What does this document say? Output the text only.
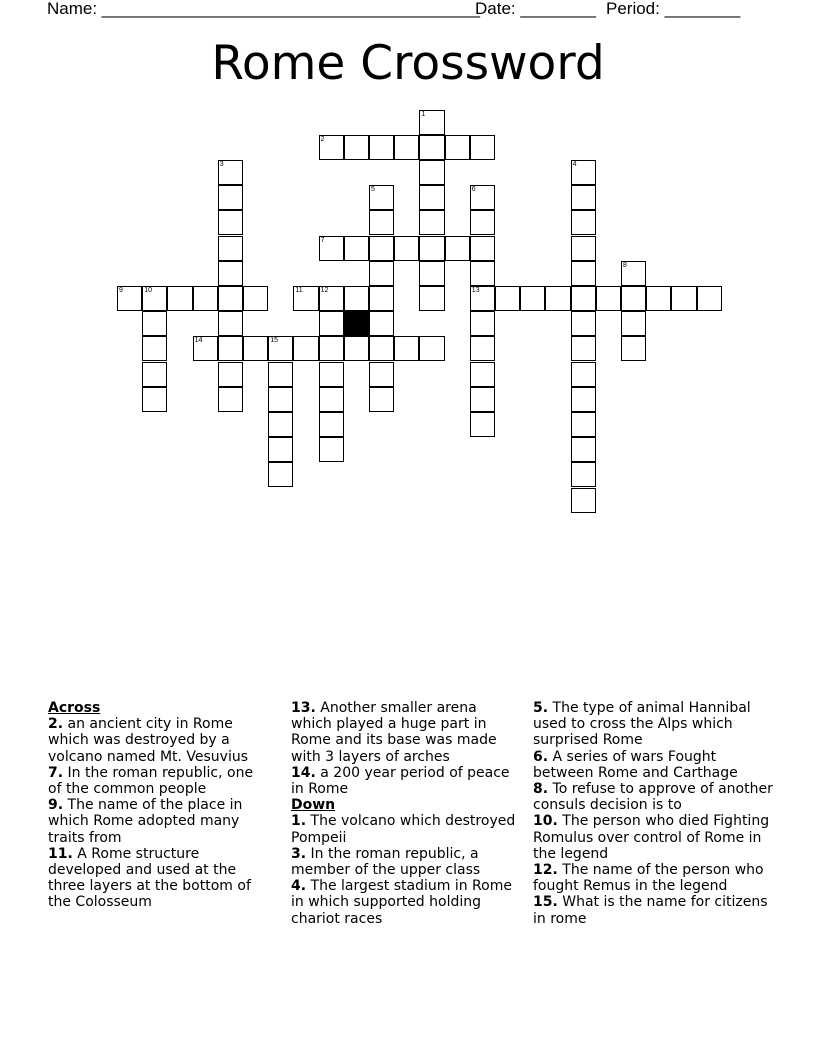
Name: ________________________________________
Date: ________ Period: ________
Rome Crossword
1
2
3	4
5	6
13
7
8
9	10	11	12
14	15

Across

2. an ancient city in Rome which was destroyed by a volcano named Mt. Vesuvius

7. In the roman republic, one of the common people

9. The name of the place in which Rome adopted many traits from

11. A Rome structure developed and used at the three layers at the bottom of the Colosseum

13. Another smaller arena which played a huge part in Rome and its base was made with 3 layers of arches

14. a 200 year period of peace in Rome

Down

1. The volcano which destroyed Pompeii

3. In the roman republic, a member of the upper class

4. The largest stadium in Rome in which supported holding chariot races

5. The type of animal Hannibal used to cross the Alps which surprised Rome

6. A series of wars Fought between Rome and Carthage

8. To refuse to approve of another consuls decision is to

10. The person who died Fighting Romulus over control of Rome in the legend

12. The name of the person who fought Remus in the legend

15. What is the name for citizens in rome
